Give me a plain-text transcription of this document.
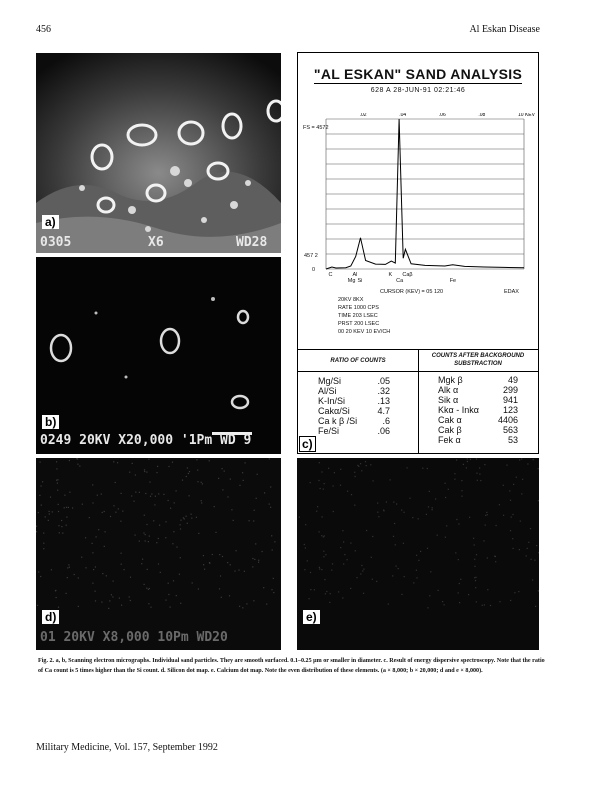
456	Al Eskan Disease
a)
0305	X6	WD28
b)
0249 20KV X20,000 '1Pm WD 9
"AL ESKAN" SAND ANALYSIS
628 A 28-JUN-91 02:21:46
.02	.04	.06	.08	10 KEV
FS = 4572
457 2
0
C
Mg
Al
Si
K
Ca
Caβ
Fe
CURSOR (KEV) = 05 120	EDAX
20KV 8KX
RATE 1000 CPS
TIME 203 LSEC
PRST 200 LSEC
00 20 KEV 10 EV/CH
RATIO OF COUNTS
COUNTS AFTER BACKGROUND
SUBSTRACTION
Mg/Si	.05
Al/Si	.32
K-In/Si	.13
Cakα/Si	4.7
Ca k β /Si	.6
Fe/Si	.06
Mgk β	49
Alk α	299
Sik α	941
Kkα - Inkα	123
Cak α	4406
Cak β	563
Fek α	53
c)
d)
01 20KV X8,000 10Pm WD20
e)
Fig. 2. a, b, Scanning electron micrographs. Individual sand particles. They are smooth surfaced. 0.1–0.25 μm or smaller in diameter. c. Result of energy dispersive spectroscopy. Note that the ratio of Ca count is 5 times higher than the Si count. d. Silicon dot map. e. Calcium dot map. Note the even distribution of these elements. (a × 8,000; b × 20,000; d and e × 8,000).
Military Medicine, Vol. 157, September 1992
